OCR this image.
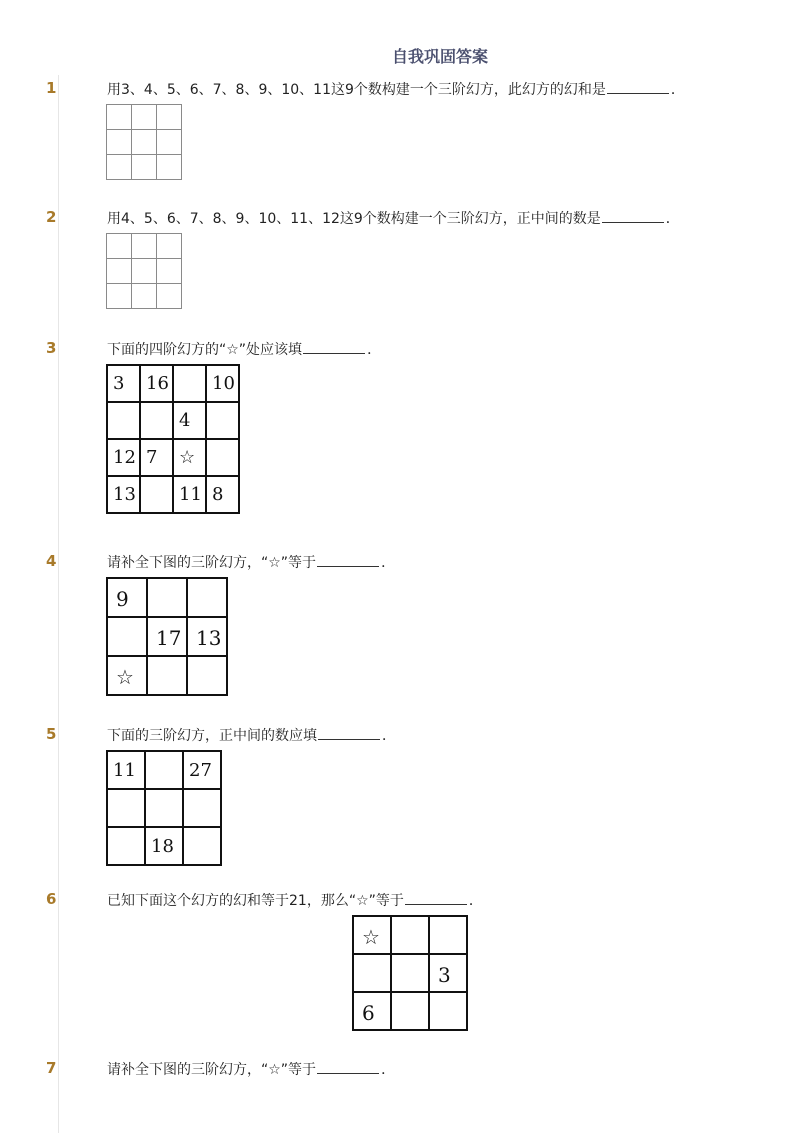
自我巩固答案
1	用3、4、5、6、7、8、9、10、11这9个数构建一个三阶幻方，此幻方的幻和是	．

2	用4、5、6、7、8、9、10、11、12这9个数构建一个三阶幻方，正中间的数是	．

3	下面的四阶幻方的“☆”处应该填	．
3	16		10
		4	
12	7	☆	
13		11	8
4	请补全下图的三阶幻方，“☆”等于	．
9		
	17	13
☆		
5	下面的三阶幻方，正中间的数应填	．
11		27

	18	
6	已知下面这个幻方的幻和等于21，那么“☆”等于	．
☆		
		3
6		
7	请补全下图的三阶幻方，“☆”等于	．
